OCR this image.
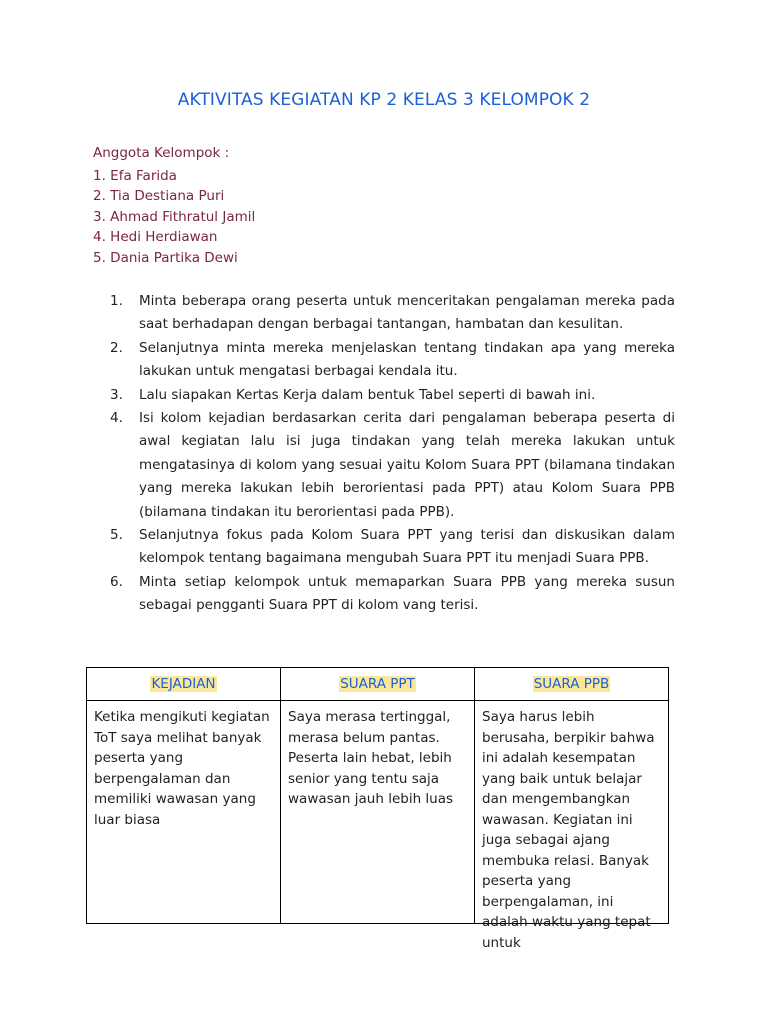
AKTIVITAS KEGIATAN KP 2 KELAS 3 KELOMPOK 2
Anggota Kelompok :
1. Efa Farida
2. Tia Destiana Puri
3. Ahmad Fithratul Jamil
4. Hedi Herdiawan
5. Dania Partika Dewi
1.	Minta beberapa orang peserta untuk menceritakan pengalaman mereka pada saat berhadapan dengan berbagai tantangan, hambatan dan kesulitan.
2.	Selanjutnya minta mereka menjelaskan tentang tindakan apa yang mereka lakukan untuk mengatasi berbagai kendala itu.
3.	Lalu siapakan Kertas Kerja dalam bentuk Tabel seperti di bawah ini.
4.	Isi kolom kejadian berdasarkan cerita dari pengalaman beberapa peserta di awal kegiatan lalu isi juga tindakan yang telah mereka lakukan untuk mengatasinya di kolom yang sesuai yaitu Kolom Suara PPT (bilamana tindakan yang mereka lakukan lebih berorientasi pada PPT) atau Kolom Suara PPB (bilamana tindakan itu berorientasi pada PPB).
5.	Selanjutnya fokus pada Kolom Suara PPT yang terisi dan diskusikan dalam kelompok tentang bagaimana mengubah Suara PPT itu menjadi Suara PPB.
6.	Minta setiap kelompok untuk memaparkan Suara PPB yang mereka susun sebagai pengganti Suara PPT di kolom vang terisi.
KEJADIAN	SUARA PPT	SUARA PPB

Ketika mengikuti kegiatan ToT saya melihat banyak peserta yang berpengalaman dan memiliki wawasan yang luar biasa	Saya merasa tertinggal, merasa belum pantas. Peserta lain hebat, lebih senior yang tentu saja wawasan jauh lebih luas	Saya harus lebih berusaha, berpikir bahwa ini adalah kesempatan yang baik untuk belajar dan mengembangkan wawasan. Kegiatan ini juga sebagai ajang membuka relasi. Banyak peserta yang berpengalaman, ini adalah waktu yang tepat untuk
